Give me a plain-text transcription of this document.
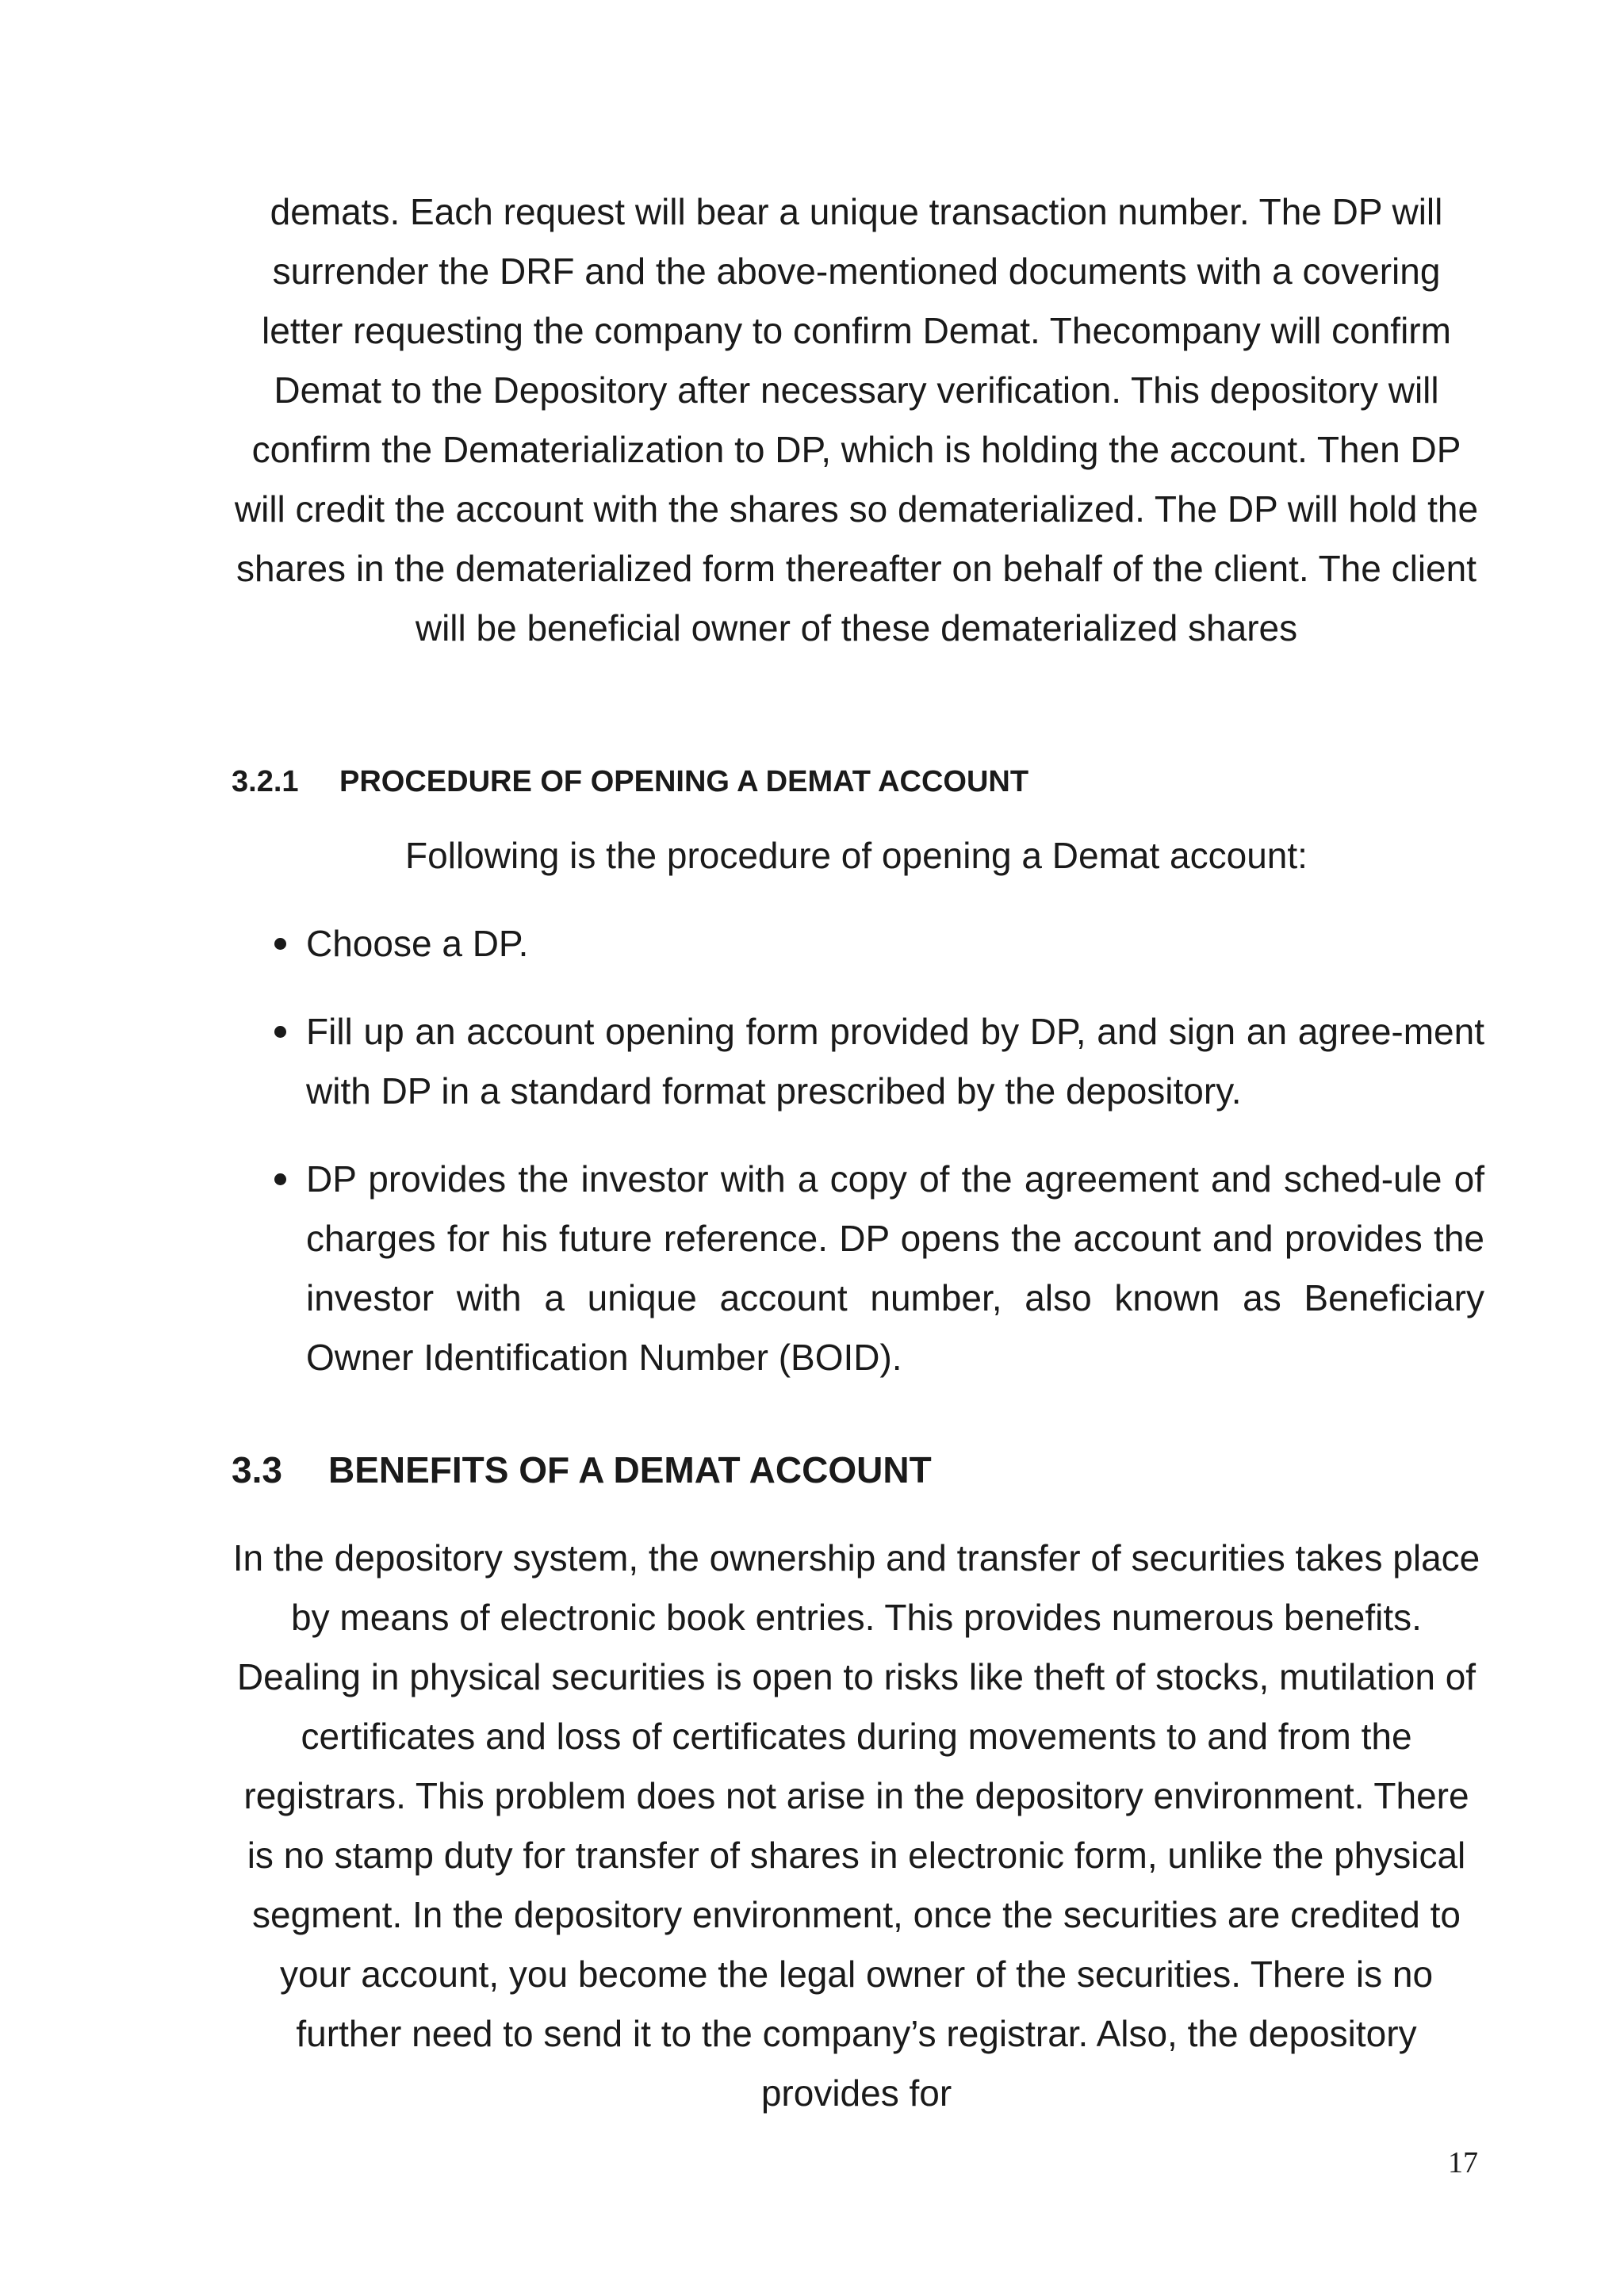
demats. Each request will bear a unique transaction number. The DP will surrender the DRF and the above-mentioned documents with a covering letter requesting the company to confirm Demat. Thecompany will confirm Demat to the Depository after necessary verification. This depository will confirm the Dematerialization to DP, which is holding the account. Then DP will credit the account with the shares so dematerialized. The DP will hold the shares in the dematerialized form thereafter on behalf of the client. The client will be beneficial owner of these dematerialized shares

3.2.1 PROCEDURE OF OPENING A DEMAT ACCOUNT

Following is the procedure of opening a Demat account:

Choose a DP.
Fill up an account opening form provided by DP, and sign an agree-ment with DP in a standard format prescribed by the depository.
DP provides the investor with a copy of the agreement and sched-ule of charges for his future reference. DP opens the account and provides the investor with a unique account number, also known as Beneficiary Owner Identification Number (BOID).
3.3 BENEFITS OF A DEMAT ACCOUNT

In the depository system, the ownership and transfer of securities takes place by means of electronic book entries. This provides numerous benefits. Dealing in physical securities is open to risks like theft of stocks, mutilation of certificates and loss of certificates during movements to and from the registrars. This problem does not arise in the depository environment. There is no stamp duty for transfer of shares in electronic form, unlike the physical segment. In the depository environment, once the securities are credited to your account, you become the legal owner of the securities. There is no further need to send it to the company’s registrar. Also, the depository provides for

17
